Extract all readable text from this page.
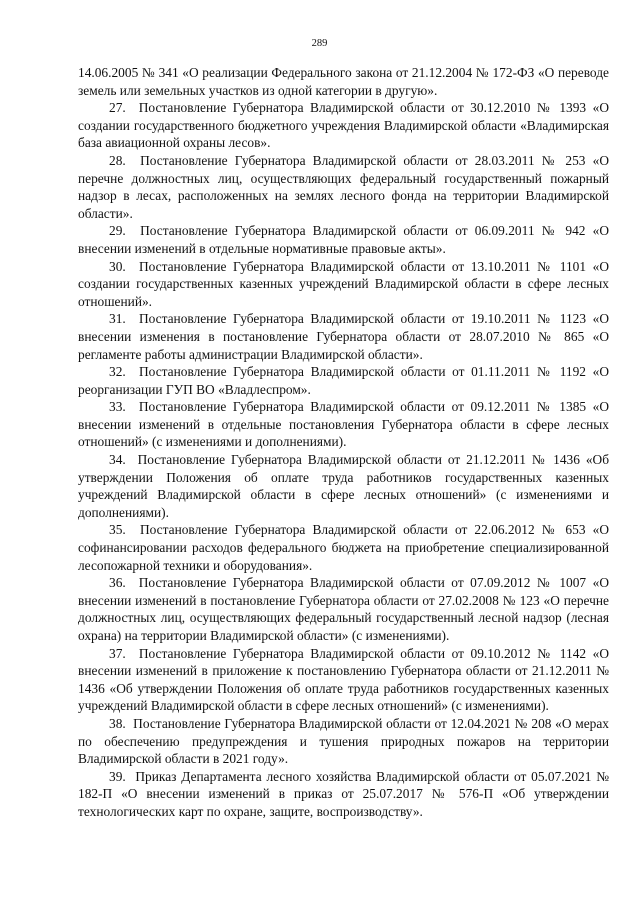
289

14.06.2005 № 341 «О реализации Федерального закона от 21.12.2004 № 172-ФЗ «О переводе земель или земельных участков из одной категории в другую».

27. Постановление Губернатора Владимирской области от 30.12.2010 № 1393 «О создании государственного бюджетного учреждения Владимирской области «Владимирская база авиационной охраны лесов».

28. Постановление Губернатора Владимирской области от 28.03.2011 № 253 «О перечне должностных лиц, осуществляющих федеральный государственный пожарный надзор в лесах, расположенных на землях лесного фонда на территории Владимирской области».

29. Постановление Губернатора Владимирской области от 06.09.2011 № 942 «О внесении изменений в отдельные нормативные правовые акты».

30. Постановление Губернатора Владимирской области от 13.10.2011 № 1101 «О создании государственных казенных учреждений Владимирской области в сфере лесных отношений».

31. Постановление Губернатора Владимирской области от 19.10.2011 № 1123 «О внесении изменения в постановление Губернатора области от 28.07.2010 № 865 «О регламенте работы администрации Владимирской области».

32. Постановление Губернатора Владимирской области от 01.11.2011 № 1192 «О реорганизации ГУП ВО «Владлеспром».

33. Постановление Губернатора Владимирской области от 09.12.2011 № 1385 «О внесении изменений в отдельные постановления Губернатора области в сфере лесных отношений» (с изменениями и дополнениями).

34. Постановление Губернатора Владимирской области от 21.12.2011 № 1436 «Об утверждении Положения об оплате труда работников государственных казенных учреждений Владимирской области в сфере лесных отношений» (с изменениями и дополнениями).

35. Постановление Губернатора Владимирской области от 22.06.2012 № 653 «О софинансировании расходов федерального бюджета на приобретение специализированной лесопожарной техники и оборудования».

36. Постановление Губернатора Владимирской области от 07.09.2012 № 1007 «О внесении изменений в постановление Губернатора области от 27.02.2008 № 123 «О перечне должностных лиц, осуществляющих федеральный государственный лесной надзор (лесная охрана) на территории Владимирской области» (с изменениями).

37. Постановление Губернатора Владимирской области от 09.10.2012 № 1142 «О внесении изменений в приложение к постановлению Губернатора области от 21.12.2011 № 1436 «Об утверждении Положения об оплате труда работников государственных казенных учреждений Владимирской области в сфере лесных отношений» (с изменениями).

38. Постановление Губернатора Владимирской области от 12.04.2021 № 208 «О мерах по обеспечению предупреждения и тушения природных пожаров на территории Владимирской области в 2021 году».

39. Приказ Департамента лесного хозяйства Владимирской области от 05.07.2021 № 182-П «О внесении изменений в приказ от 25.07.2017 № 576-П «Об утверждении технологических карт по охране, защите, воспроизводству».
